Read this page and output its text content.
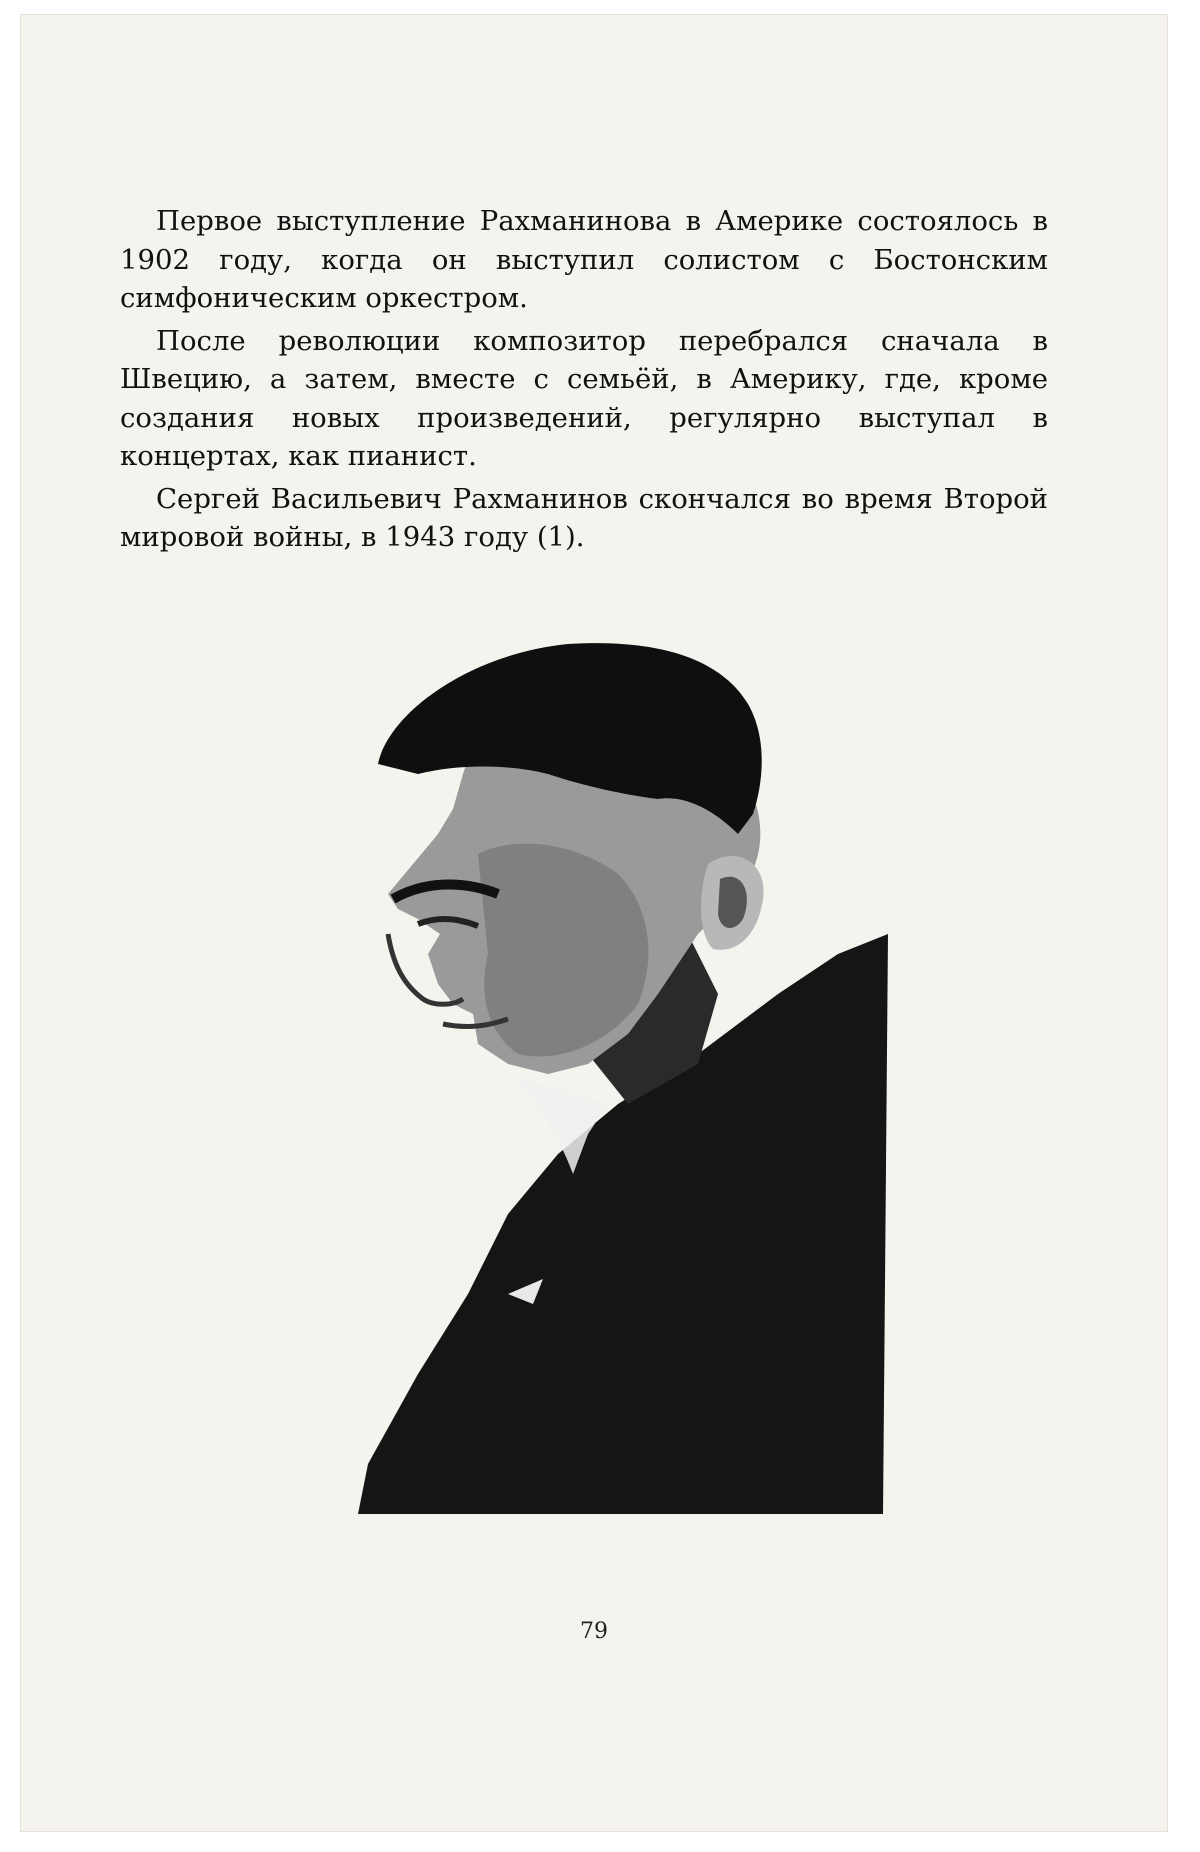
Первое выступление Рахманинова в Америке состоялось в 1902 году, когда он выступил солистом с Бостонским симфоническим оркестром.

После революции композитор перебрался сначала в Швецию, а затем, вместе с семьёй, в Америку, где, кроме создания новых произведений, регулярно выступал в концертах, как пианист.

Сергей Васильевич Рахманинов скончался во время Второй мировой войны, в 1943 году (1).

79
